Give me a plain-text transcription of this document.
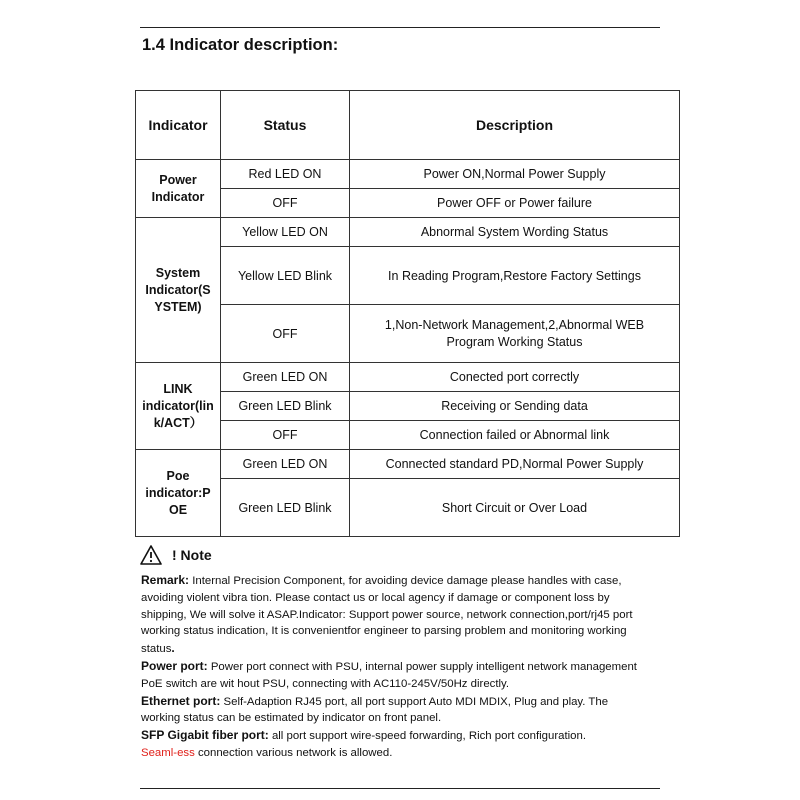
1.4 Indicator description:
Indicator	Status	Description

Power
Indicator	Red LED ON	Power ON,Normal Power Supply
	OFF	Power OFF or Power failure

System
Indicator(S
YSTEM)	Yellow LED ON	Abnormal System Wording Status
	Yellow LED Blink	In Reading Program,Restore Factory Settings
	OFF	1,Non-Network Management,2,Abnormal WEB
Program Working Status

LINK
indicator(lin
k/ACT）	Green LED ON	Conected port correctly
	Green LED Blink	Receiving or Sending data
	OFF	Connection failed or Abnormal link

Poe
indicator:P
OE	Green LED ON	Connected standard PD,Normal Power Supply
	Green LED Blink	Short Circuit or Over Load
! Note

Remark: Internal Precision Component, for avoiding device damage please handles with case,
avoiding violent vibra tion. Please contact us or local agency if damage or component loss by
shipping, We will solve it ASAP.Indicator: Support power source, network connection,port/rj45 port
working status indication, It is convenientfor engineer to parsing problem and monitoring working
status.

Power port: Power port connect with PSU, internal power supply intelligent network management
PoE switch are wit hout PSU, connecting with AC110-245V/50Hz directly.

Ethernet port: Self-Adaption RJ45 port, all port support Auto MDI MDIX, Plug and play. The
working status can be estimated by indicator on front panel.

SFP Gigabit fiber port: all port support wire-speed forwarding, Rich port configuration.
Seaml-ess connection various network is allowed.
